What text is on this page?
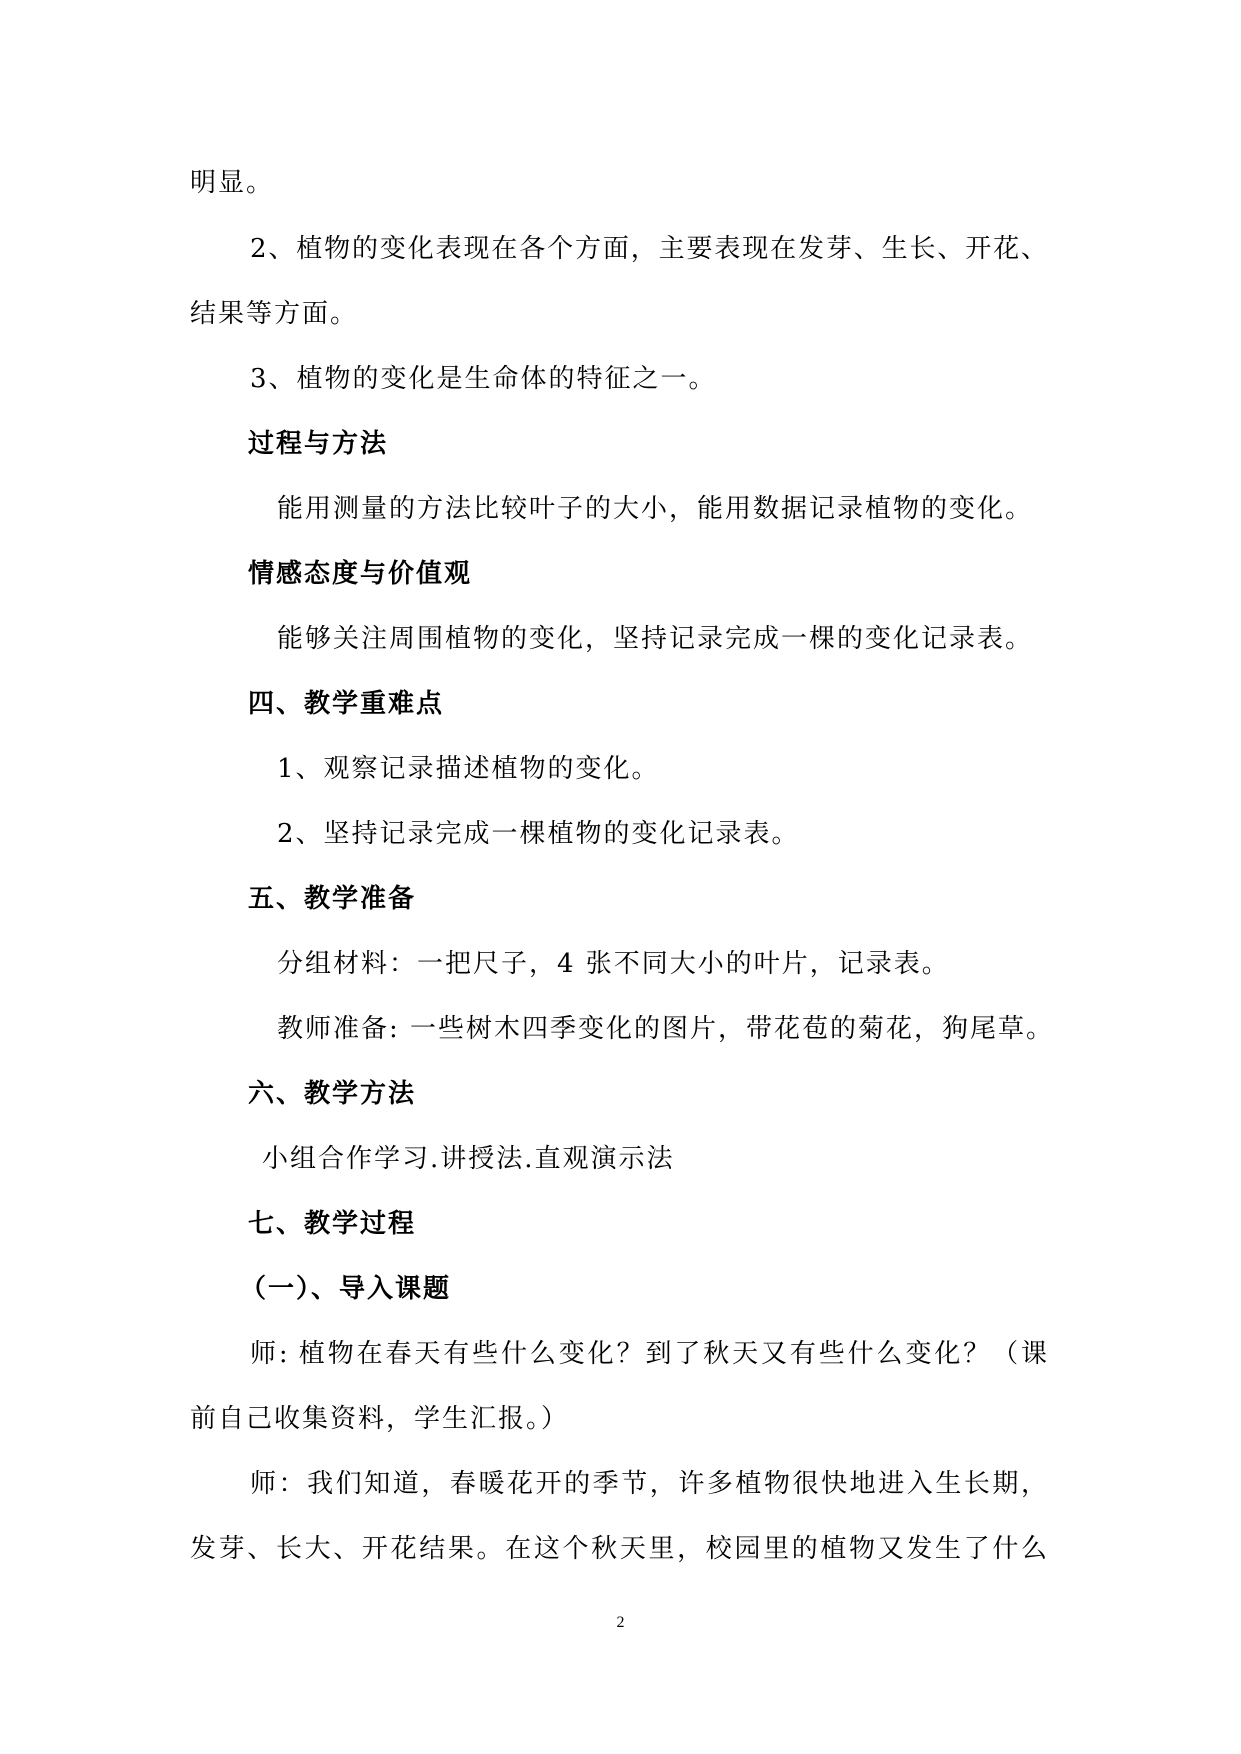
明显。
2、植物的变化表现在各个方面，主要表现在发芽、生长、开花、
结果等方面。
3、植物的变化是生命体的特征之一。
过程与方法
能用测量的方法比较叶子的大小，能用数据记录植物的变化。
情感态度与价值观
能够关注周围植物的变化，坚持记录完成一棵的变化记录表。
四、教学重难点
1、观察记录描述植物的变化。
2、坚持记录完成一棵植物的变化记录表。
五、教学准备
分组材料：一把尺子，4 张不同大小的叶片，记录表。
教师准备: 一些树木四季变化的图片，带花苞的菊花，狗尾草。
六、教学方法
小组合作学习.讲授法.直观演示法
七、教学过程
（一）、导入课题
师: 植物在春天有些什么变化？到了秋天又有些什么变化？（课
前自己收集资料，学生汇报。）
师：我们知道，春暖花开的季节，许多植物很快地进入生长期，
发芽、长大、开花结果。在这个秋天里，校园里的植物又发生了什么
2
